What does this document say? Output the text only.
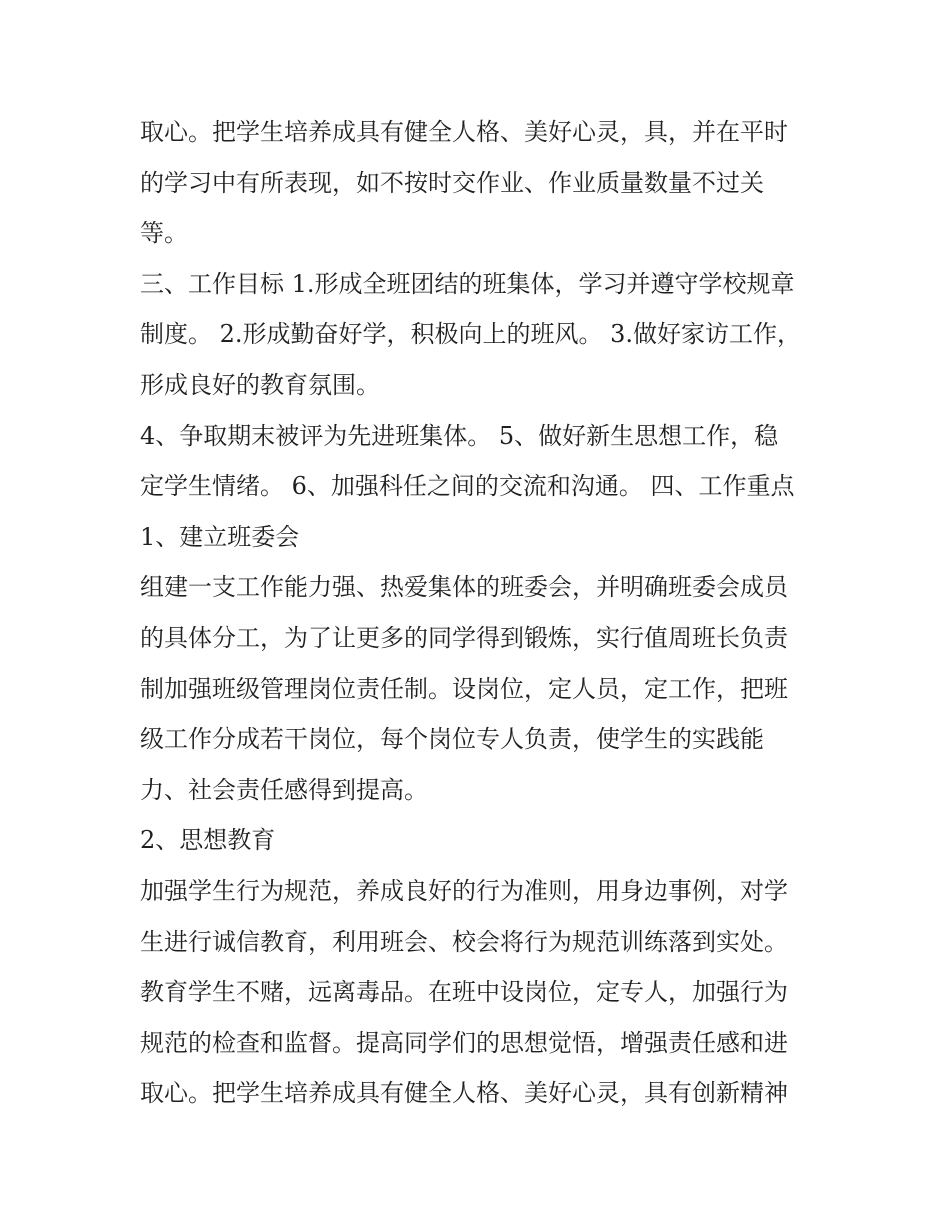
取心。把学生培养成具有健全人格、美好心灵，具，并在平时
的学习中有所表现，如不按时交作业、作业质量数量不过关
等。

三、工作目标 1.形成全班团结的班集体，学习并遵守学校规章
制度。 2.形成勤奋好学，积极向上的班风。 3.做好家访工作，
形成良好的教育氛围。

4、争取期末被评为先进班集体。 5、做好新生思想工作，稳
定学生情绪。 6、加强科任之间的交流和沟通。 四、工作重点

1、建立班委会

组建一支工作能力强、热爱集体的班委会，并明确班委会成员
的具体分工，为了让更多的同学得到锻炼，实行值周班长负责
制加强班级管理岗位责任制。设岗位，定人员，定工作，把班
级工作分成若干岗位，每个岗位专人负责，使学生的实践能
力、社会责任感得到提高。

2、思想教育

加强学生行为规范，养成良好的行为准则，用身边事例，对学
生进行诚信教育，利用班会、校会将行为规范训练落到实处。
教育学生不赌，远离毒品。在班中设岗位，定专人，加强行为
规范的检查和监督。提高同学们的思想觉悟，增强责任感和进
取心。把学生培养成具有健全人格、美好心灵，具有创新精神
